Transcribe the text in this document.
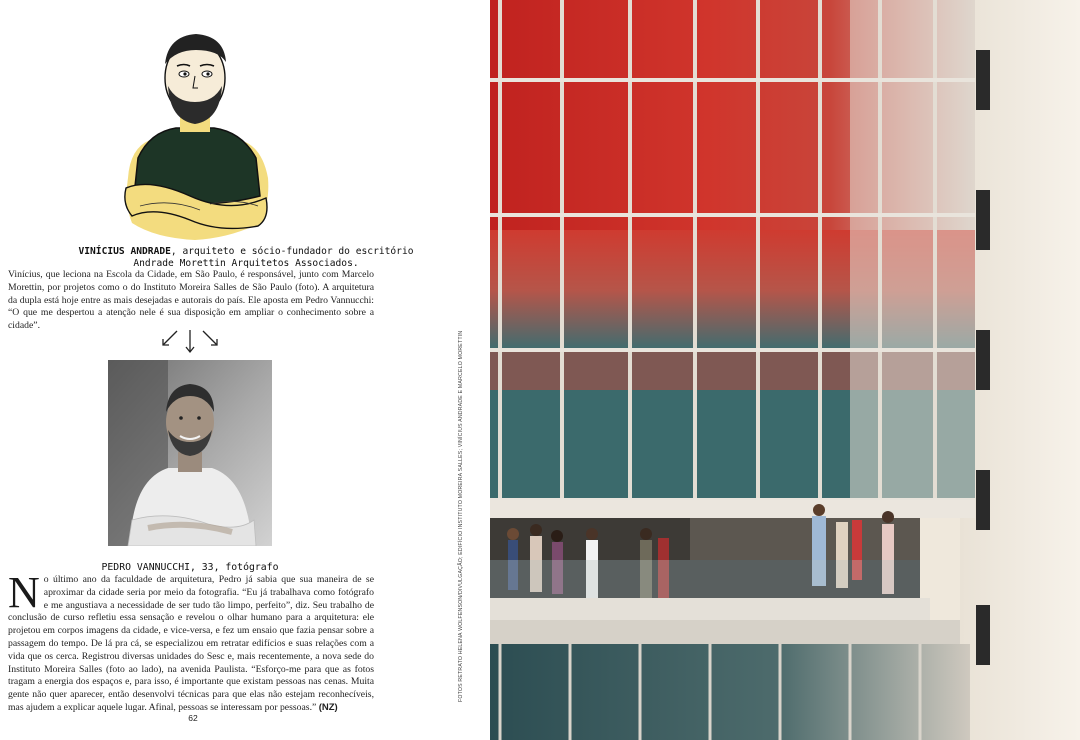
VINÍCIUS ANDRADE, arquiteto e sócio-fundador do escritório
Andrade Morettin Arquitetos Associados.

Vinícius, que leciona na Escola da Cidade, em São Paulo, é responsável, junto com Marcelo Morettin, por projetos como o do Instituto Moreira Salles de São Paulo (foto). A arquitetura da dupla está hoje entre as mais desejadas e autorais do país. Ele aposta em Pedro Vannucchi: “O que me despertou a atenção nele é sua disposição em ampliar o conhecimento sobre a cidade”.

PEDRO VANNUCCHI, 33, fotógrafo

No último ano da faculdade de arquitetura, Pedro já sabia que sua maneira de se aproximar da cidade seria por meio da fotografia. “Eu já trabalhava como fotógrafo e me angustiava a necessidade de ser tudo tão limpo, perfeito”, diz. Seu trabalho de conclusão de curso refletiu essa sensação e revelou o olhar humano para a arquitetura: ele projetou em corpos imagens da cidade, e vice-versa, e fez um ensaio que fazia pensar sobre a passagem do tempo. De lá pra cá, se especializou em retratar edifícios e suas relações com a vida que os cerca. Registrou diversas unidades do Sesc e, mais recentemente, a nova sede do Instituto Moreira Salles (foto ao lado), na avenida Paulista. “Esforço-me para que as fotos tragam a energia dos espaços e, para isso, é importante que existam pessoas nas cenas. Muita gente não quer aparecer, então desenvolvi técnicas para que elas não estejam reconhecíveis, mas ajudem a explicar aquele lugar. Afinal, pessoas se interessam por pessoas.” (NZ)

62
FOTOS RETRATO HELENA WOLFENSON/DIVULGAÇÃO; EDIFÍCIO INSTITUTO MOREIRA SALLES; VINÍCIUS ANDRADE E MARCELO MORETTIN
